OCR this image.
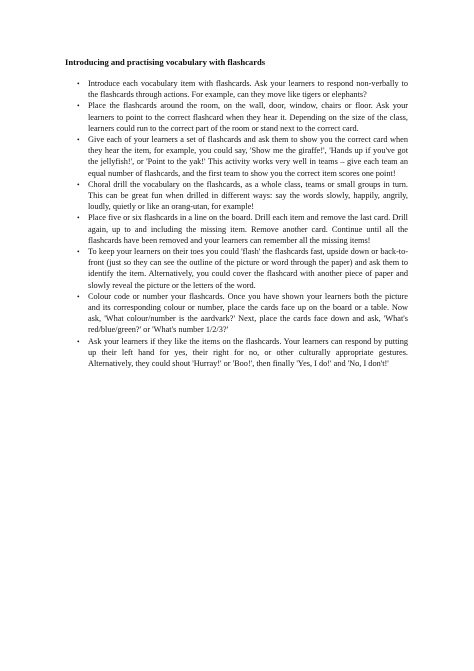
Introducing and practising vocabulary with flashcards
• Introduce each vocabulary item with flashcards. Ask your learners to respond non-verbally to the flashcards through actions. For example, can they move like tigers or elephants?
• Place the flashcards around the room, on the wall, door, window, chairs or floor. Ask your learners to point to the correct flashcard when they hear it. Depending on the size of the class, learners could run to the correct part of the room or stand next to the correct card.
• Give each of your learners a set of flashcards and ask them to show you the correct card when they hear the item, for example, you could say, 'Show me the giraffe!', 'Hands up if you've got the jellyfish!', or 'Point to the yak!' This activity works very well in teams – give each team an equal number of flashcards, and the first team to show you the correct item scores one point!
• Choral drill the vocabulary on the flashcards, as a whole class, teams or small groups in turn. This can be great fun when drilled in different ways: say the words slowly, happily, angrily, loudly, quietly or like an orang-utan, for example!
• Place five or six flashcards in a line on the board. Drill each item and remove the last card. Drill again, up to and including the missing item. Remove another card. Continue until all the flashcards have been removed and your learners can remember all the missing items!
• To keep your learners on their toes you could 'flash' the flashcards fast, upside down or back-to-front (just so they can see the outline of the picture or word through the paper) and ask them to identify the item. Alternatively, you could cover the flashcard with another piece of paper and slowly reveal the picture or the letters of the word.
• Colour code or number your flashcards. Once you have shown your learners both the picture and its corresponding colour or number, place the cards face up on the board or a table. Now ask, 'What colour/number is the aardvark?' Next, place the cards face down and ask, 'What's red/blue/green?' or 'What's number 1/2/3?'
• Ask your learners if they like the items on the flashcards. Your learners can respond by putting up their left hand for yes, their right for no, or other culturally appropriate gestures. Alternatively, they could shout 'Hurray!' or 'Boo!', then finally 'Yes, I do!' and 'No, I don't!'
